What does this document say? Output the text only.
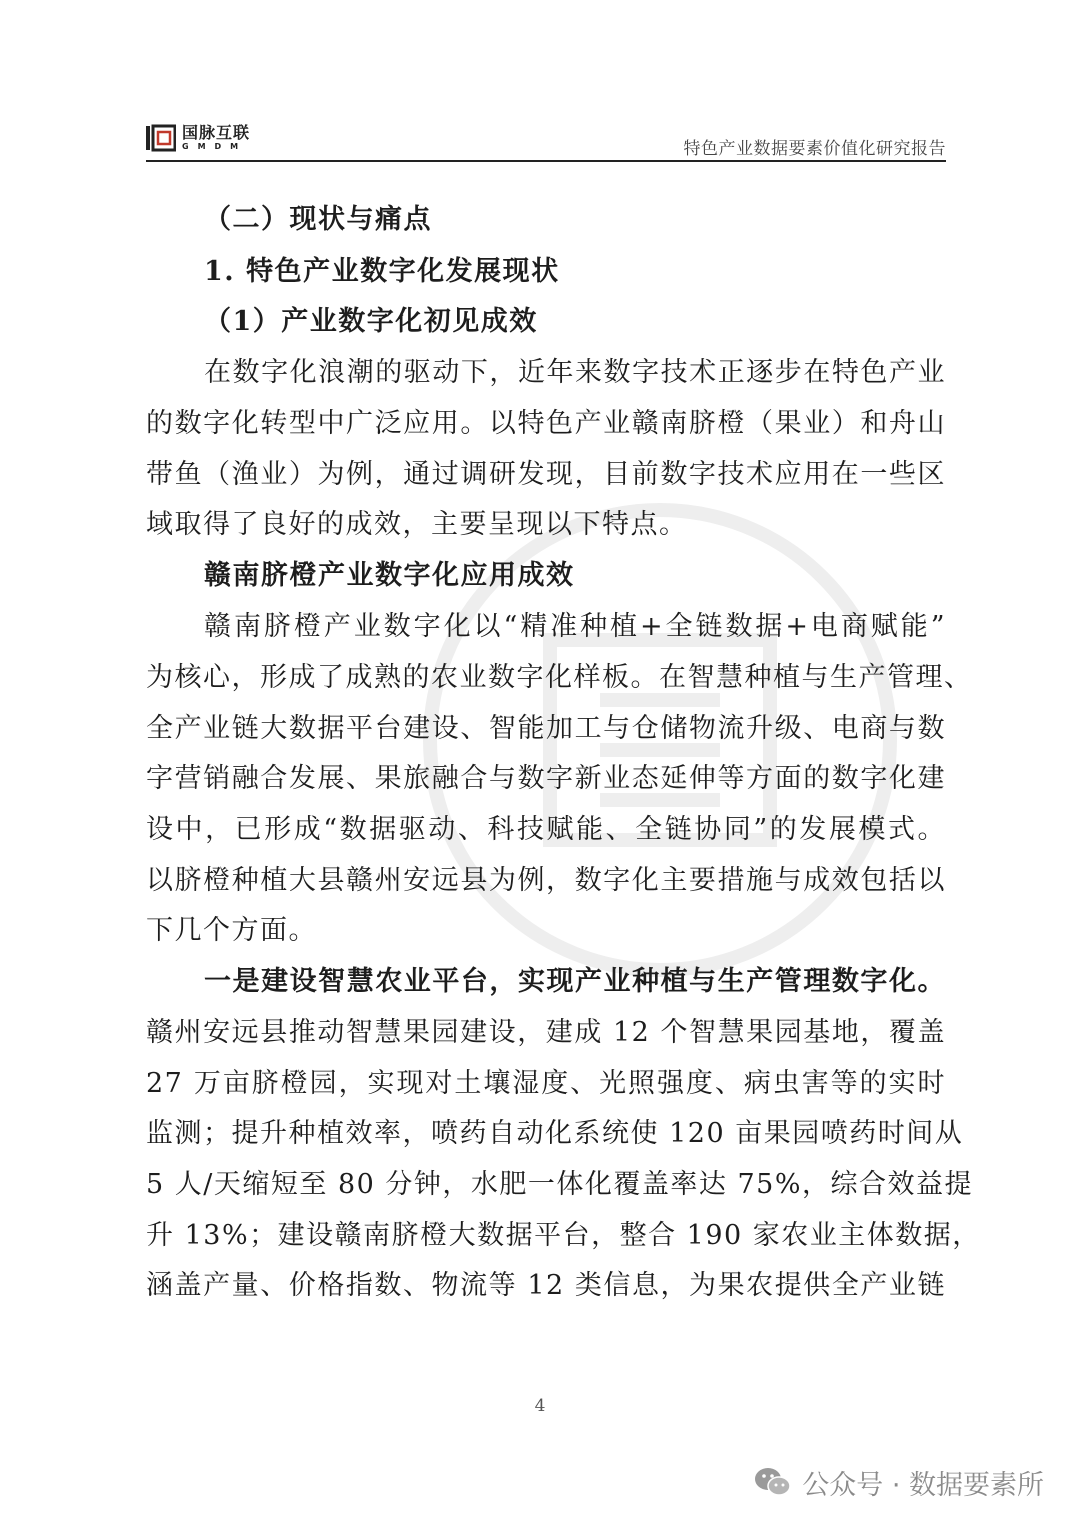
国脉互联
GMDM	特色产业数据要素价值化研究报告
（二）现状与痛点
1. 特色产业数字化发展现状
（1）产业数字化初见成效
在数字化浪潮的驱动下，近年来数字技术正逐步在特色产业
的数字化转型中广泛应用。以特色产业赣南脐橙（果业）和舟山
带鱼（渔业）为例，通过调研发现，目前数字技术应用在一些区
域取得了良好的成效，主要呈现以下特点。
赣南脐橙产业数字化应用成效
赣南脐橙产业数字化以“精准种植+全链数据+电商赋能”
为核心，形成了成熟的农业数字化样板。在智慧种植与生产管理、
全产业链大数据平台建设、智能加工与仓储物流升级、电商与数
字营销融合发展、果旅融合与数字新业态延伸等方面的数字化建
设中，已形成“数据驱动、科技赋能、全链协同”的发展模式。
以脐橙种植大县赣州安远县为例，数字化主要措施与成效包括以
下几个方面。
一是建设智慧农业平台，实现产业种植与生产管理数字化。
赣州安远县推动智慧果园建设，建成 12 个智慧果园基地，覆盖
27 万亩脐橙园，实现对土壤湿度、光照强度、病虫害等的实时
监测；提升种植效率，喷药自动化系统使 120 亩果园喷药时间从
5 人/天缩短至 80 分钟，水肥一体化覆盖率达 75%，综合效益提
升 13%；建设赣南脐橙大数据平台，整合 190 家农业主体数据，
涵盖产量、价格指数、物流等 12 类信息，为果农提供全产业链
4
公众号 · 数据要素所
